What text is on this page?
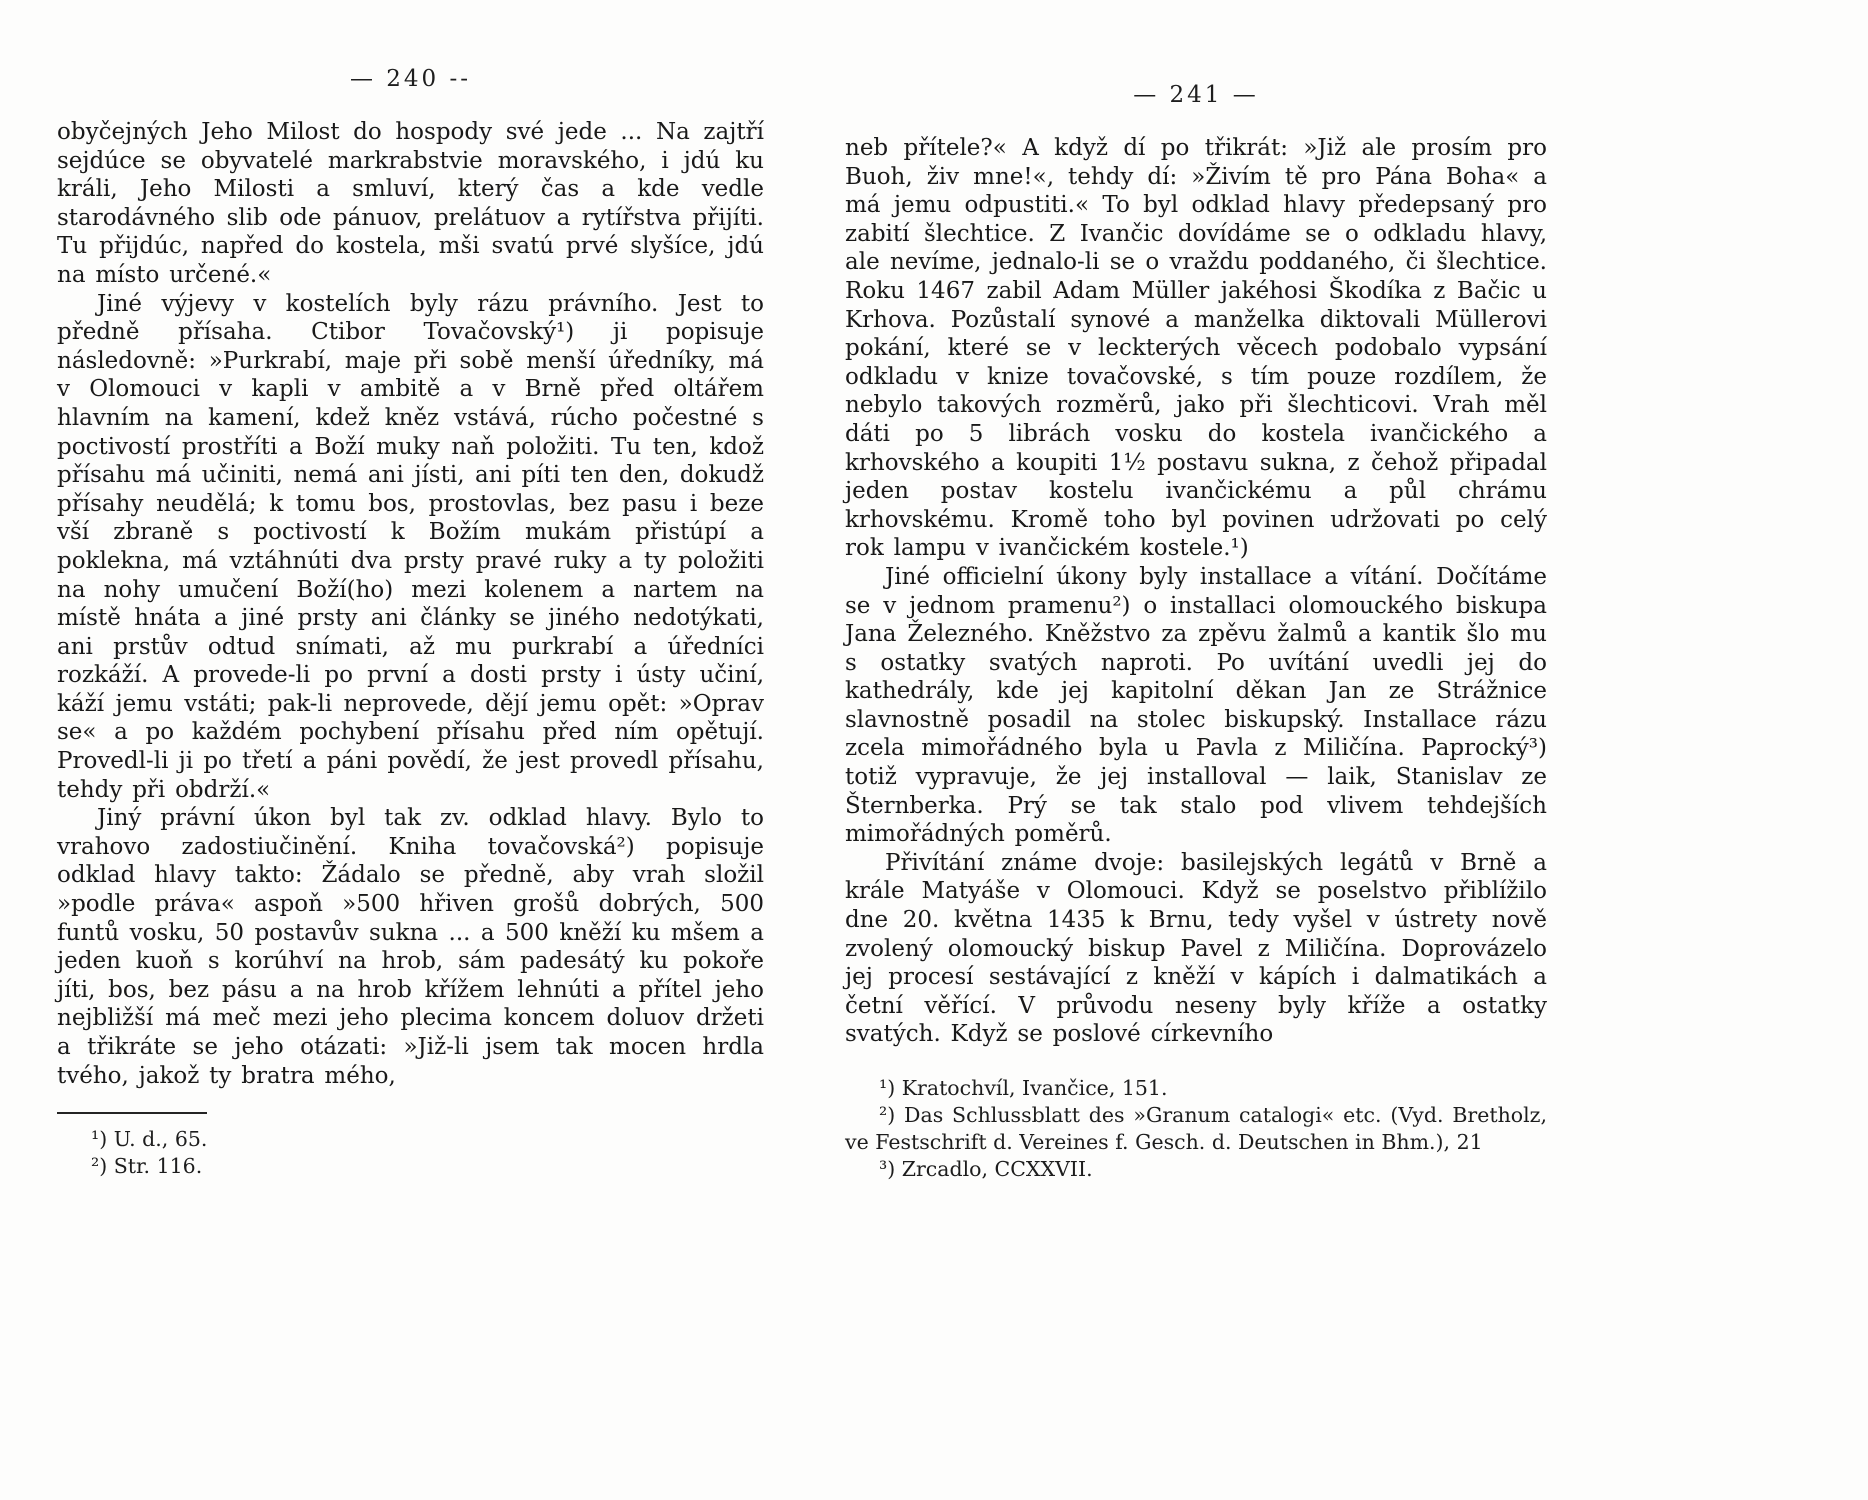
— 240 --

obyčejných Jeho Milost do hospody své jede ... Na zajtří sejdúce se obyvatelé markrabstvie moravského, i jdú ku králi, Jeho Milosti a smluví, který čas a kde vedle starodávného slib ode pánuov, prelátuov a rytířstva přijíti. Tu přijdúc, napřed do kostela, mši svatú prvé slyšíce, jdú na místo určené.«

Jiné výjevy v kostelích byly rázu právního. Jest to předně přísaha. Ctibor Tovačovský¹) ji popisuje následovně: »Purkrabí, maje při sobě menší úředníky, má v Olomouci v kapli v ambitě a v Brně před oltářem hlavním na kamení, kdež kněz vstává, rúcho počestné s poctivostí prostříti a Boží muky naň položiti. Tu ten, kdož přísahu má učiniti, nemá ani jísti, ani píti ten den, dokudž přísahy neudělá; k tomu bos, prostovlas, bez pasu i beze vší zbraně s poctivostí k Božím mukám přistúpí a poklekna, má vztáhnúti dva prsty pravé ruky a ty položiti na nohy umučení Boží(ho) mezi kolenem a nartem na místě hnáta a jiné prsty ani články se jiného nedotýkati, ani prstův odtud snímati, až mu purkrabí a úředníci rozkáží. A provede-li po první a dosti prsty i ústy učiní, káží jemu vstáti; pak-li neprovede, dějí jemu opět: »Oprav se« a po každém pochybení přísahu před ním opětují. Provedl-li ji po třetí a páni povědí, že jest provedl přísahu, tehdy při obdrží.«

Jiný právní úkon byl tak zv. odklad hlavy. Bylo to vrahovo zadostiučinění. Kniha tovačovská²) popisuje odklad hlavy takto: Žádalo se předně, aby vrah složil »podle práva« aspoň »500 hřiven grošů dobrých, 500 funtů vosku, 50 postavův sukna ... a 500 kněží ku mšem a jeden kuoň s korúhví na hrob, sám padesátý ku pokoře jíti, bos, bez pásu a na hrob křížem lehnúti a přítel jeho nejbližší má meč mezi jeho plecima koncem doluov držeti a třikráte se jeho otázati: »Již-li jsem tak mocen hrdla tvého, jakož ty bratra mého,

¹) U. d., 65.

²) Str. 116.

— 241 —

neb přítele?« A když dí po třikrát: »Již ale prosím pro Buoh, živ mne!«, tehdy dí: »Živím tě pro Pána Boha« a má jemu odpustiti.« To byl odklad hlavy předepsaný pro zabití šlechtice. Z Ivančic dovídáme se o odkladu hlavy, ale nevíme, jednalo-li se o vraždu poddaného, či šlechtice. Roku 1467 zabil Adam Müller jakéhosi Škodíka z Bačic u Krhova. Pozůstalí synové a manželka diktovali Müllerovi pokání, které se v leckterých věcech podobalo vypsání odkladu v knize tovačovské, s tím pouze rozdílem, že nebylo takových rozměrů, jako při šlechticovi. Vrah měl dáti po 5 librách vosku do kostela ivančického a krhovského a koupiti 1½ postavu sukna, z čehož připadal jeden postav kostelu ivančickému a půl chrámu krhovskému. Kromě toho byl povinen udržovati po celý rok lampu v ivančickém kostele.¹)

Jiné officielní úkony byly installace a vítání. Dočítáme se v jednom pramenu²) o installaci olomouckého biskupa Jana Železného. Kněžstvo za zpěvu žalmů a kantik šlo mu s ostatky svatých naproti. Po uvítání uvedli jej do kathedrály, kde jej kapitolní děkan Jan ze Strážnice slavnostně posadil na stolec biskupský. Installace rázu zcela mimořádného byla u Pavla z Miličína. Paprocký³) totiž vypravuje, že jej installoval — laik, Stanislav ze Šternberka. Prý se tak stalo pod vlivem tehdejších mimořádných poměrů.

Přivítání známe dvoje: basilejských legátů v Brně a krále Matyáše v Olomouci. Když se poselstvo přiblížilo dne 20. května 1435 k Brnu, tedy vyšel v ústrety nově zvolený olomoucký biskup Pavel z Miličína. Doprovázelo jej procesí sestávající z kněží v kápích i dalmatikách a četní věřící. V průvodu neseny byly kříže a ostatky svatých. Když se poslové církevního

¹) Kratochvíl, Ivančice, 151.

²) Das Schlussblatt des »Granum catalogi« etc. (Vyd. Bretholz, ve Festschrift d. Vereines f. Gesch. d. Deutschen in Bhm.), 21

³) Zrcadlo, CCXXVII.
